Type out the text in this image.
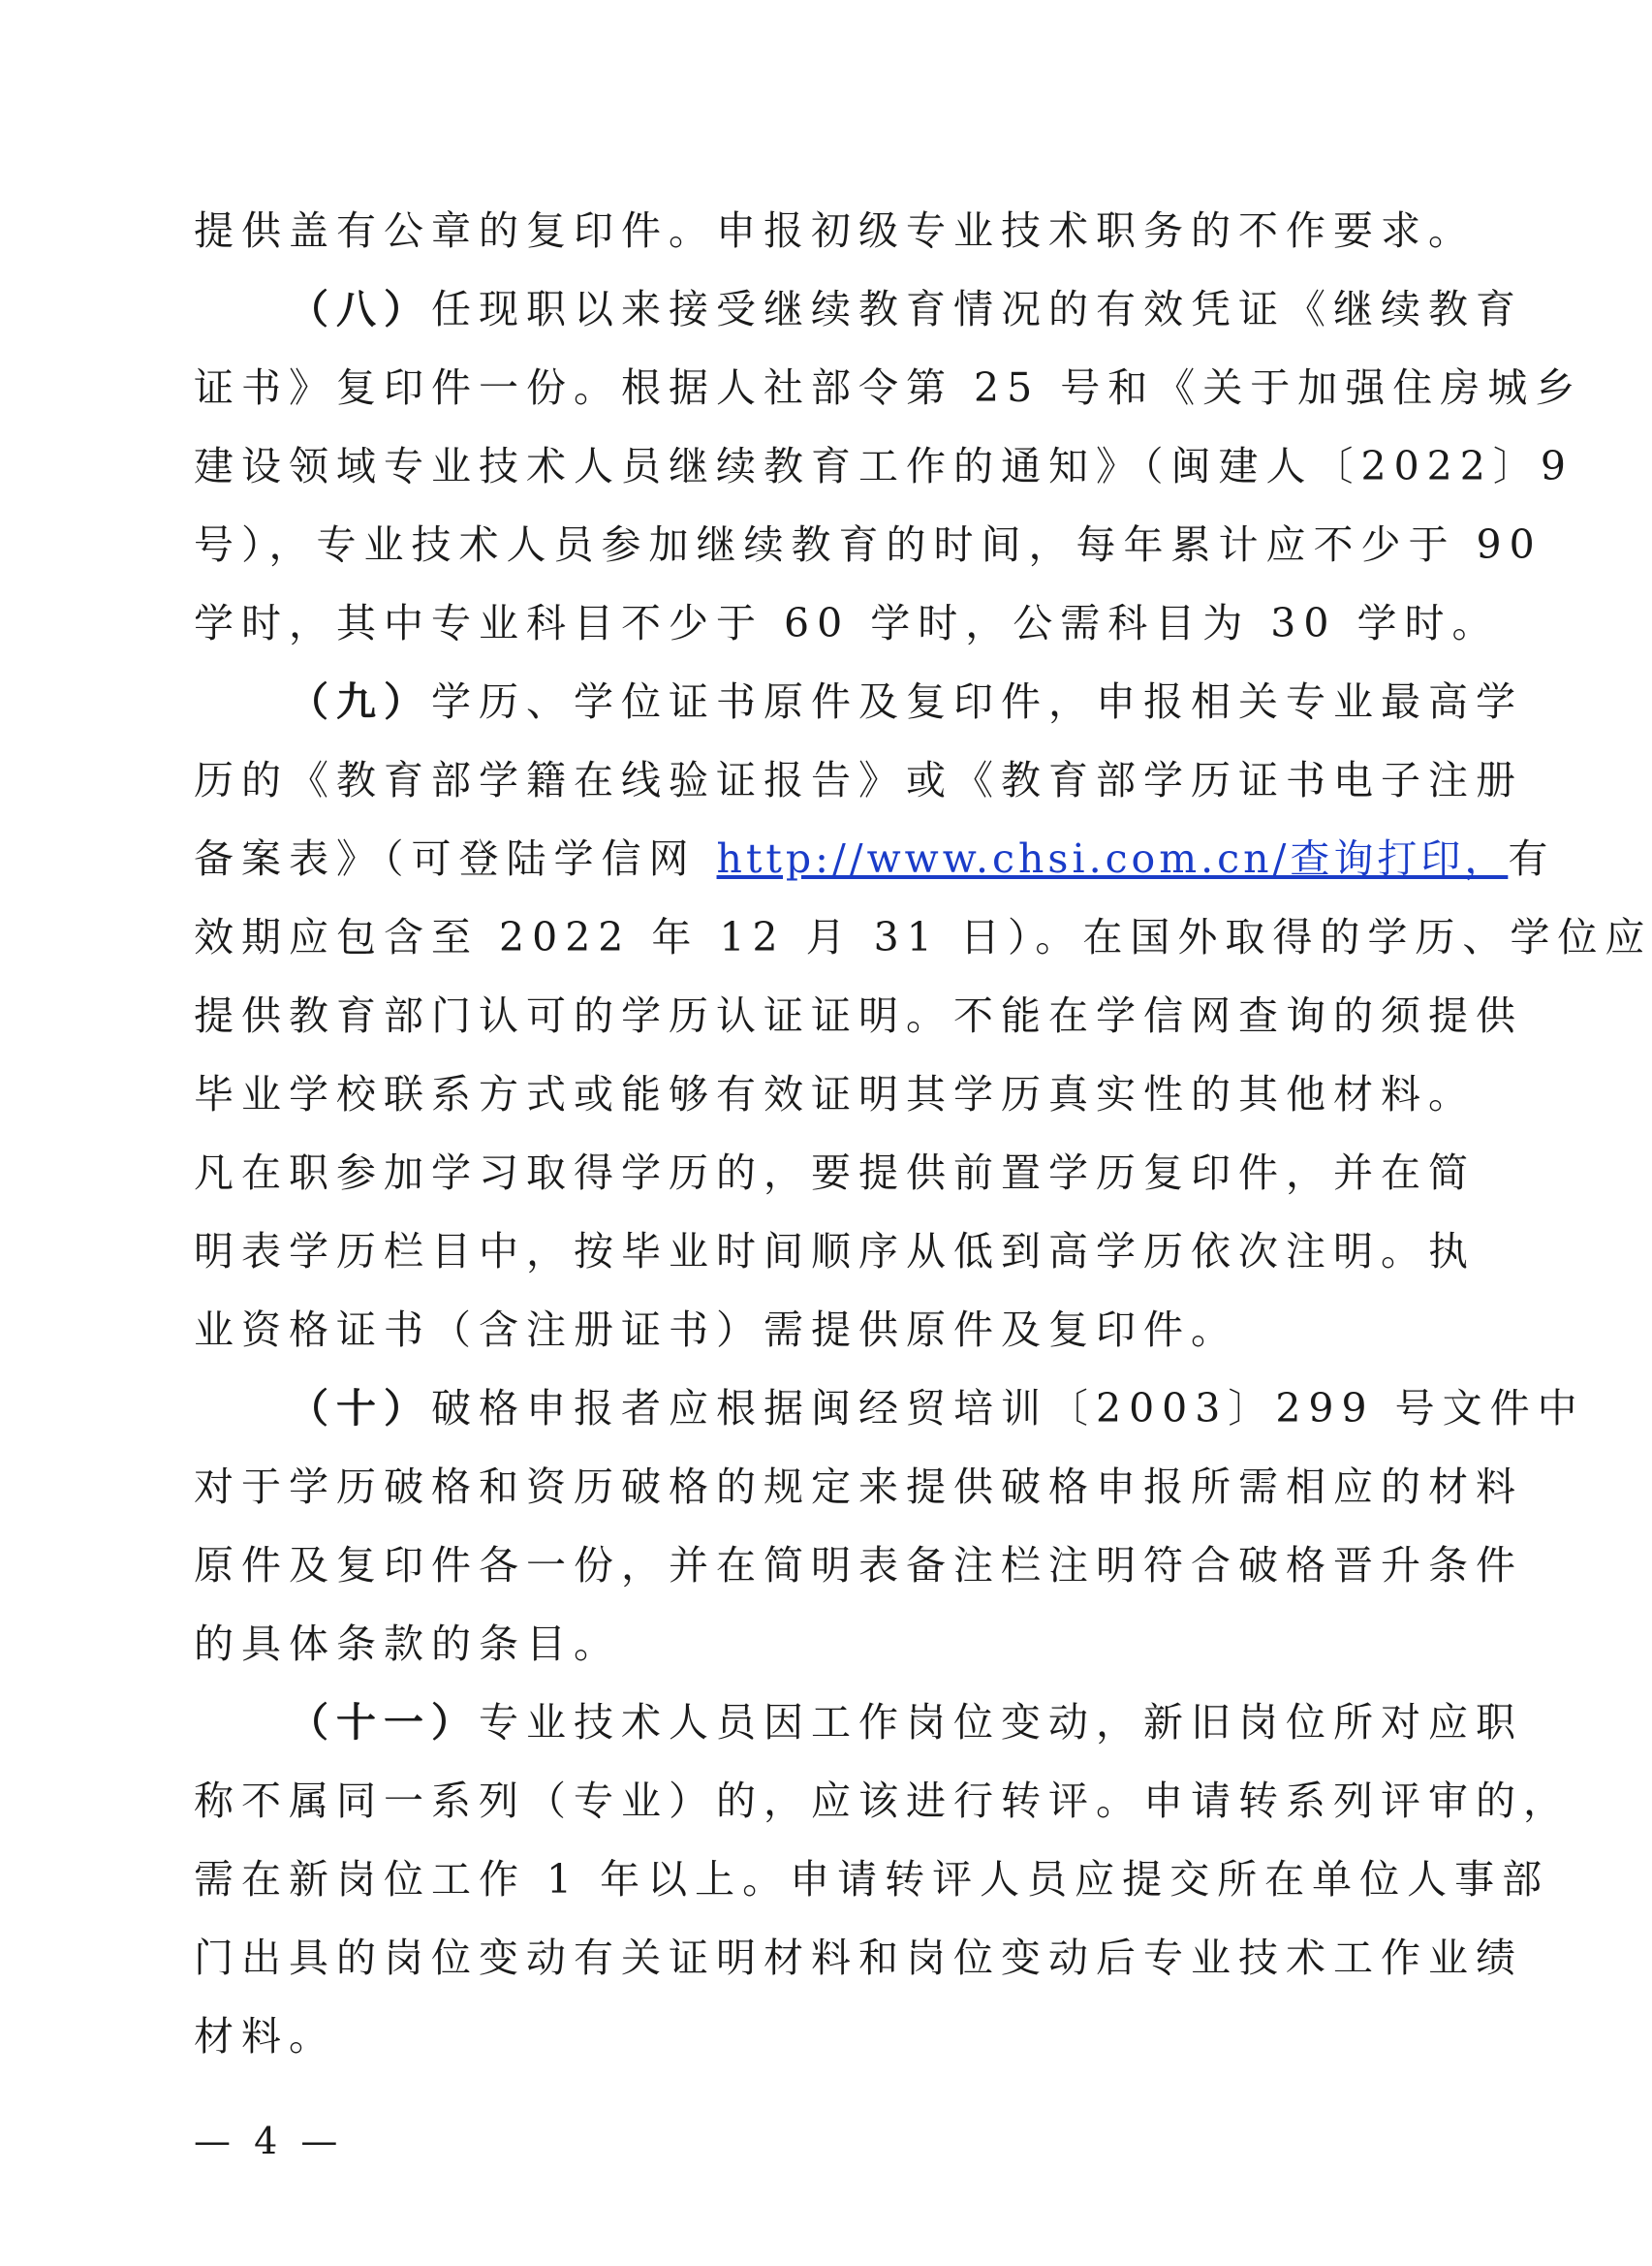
提供盖有公章的复印件。申报初级专业技术职务的不作要求。
（八）任现职以来接受继续教育情况的有效凭证《继续教育
证书》复印件一份。根据人社部令第 25 号和《关于加强住房城乡
建设领域专业技术人员继续教育工作的通知》（闽建人〔2022〕9
号），专业技术人员参加继续教育的时间，每年累计应不少于 90
学时，其中专业科目不少于 60 学时，公需科目为 30 学时。
（九）学历、学位证书原件及复印件，申报相关专业最高学
历的《教育部学籍在线验证报告》或《教育部学历证书电子注册
备案表》（可登陆学信网 http://www.chsi.com.cn/查询打印，有
效期应包含至 2022 年 12 月 31 日）。在国外取得的学历、学位应
提供教育部门认可的学历认证证明。不能在学信网查询的须提供
毕业学校联系方式或能够有效证明其学历真实性的其他材料。
凡在职参加学习取得学历的，要提供前置学历复印件，并在简
明表学历栏目中，按毕业时间顺序从低到高学历依次注明。执
业资格证书（含注册证书）需提供原件及复印件。
（十）破格申报者应根据闽经贸培训〔2003〕299 号文件中
对于学历破格和资历破格的规定来提供破格申报所需相应的材料
原件及复印件各一份，并在简明表备注栏注明符合破格晋升条件
的具体条款的条目。
（十一）专业技术人员因工作岗位变动，新旧岗位所对应职
称不属同一系列（专业）的，应该进行转评。申请转系列评审的，
需在新岗位工作 1 年以上。申请转评人员应提交所在单位人事部
门出具的岗位变动有关证明材料和岗位变动后专业技术工作业绩
材料。
— 4 —
